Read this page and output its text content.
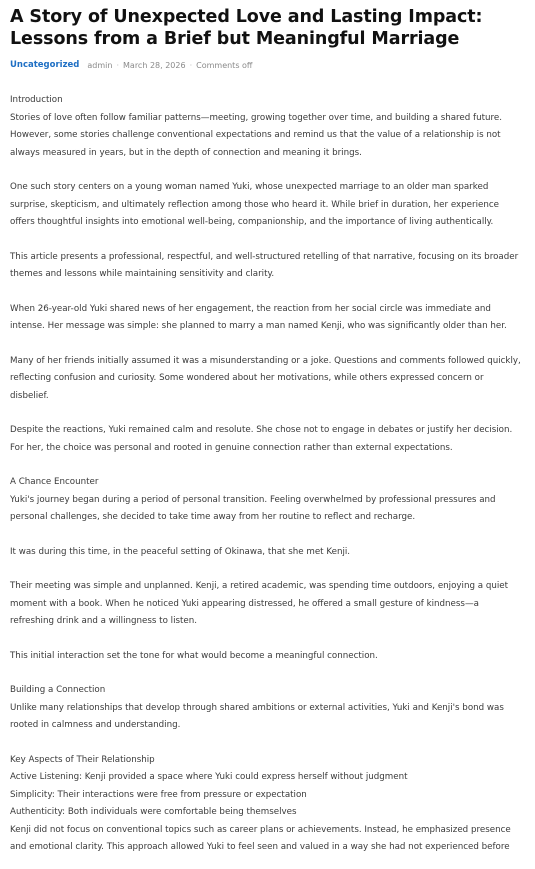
A Story of Unexpected Love and Lasting Impact: Lessons from a Brief but Meaningful Marriage
Uncategorized admin · March 28, 2026 · Comments off
Introduction

Stories of love often follow familiar patterns—meeting, growing together over time, and building a shared future. However, some stories challenge conventional expectations and remind us that the value of a relationship is not always measured in years, but in the depth of connection and meaning it brings.

One such story centers on a young woman named Yuki, whose unexpected marriage to an older man sparked surprise, skepticism, and ultimately reflection among those who heard it. While brief in duration, her experience offers thoughtful insights into emotional well-being, companionship, and the importance of living authentically.

This article presents a professional, respectful, and well-structured retelling of that narrative, focusing on its broader themes and lessons while maintaining sensitivity and clarity.

When 26-year-old Yuki shared news of her engagement, the reaction from her social circle was immediate and intense. Her message was simple: she planned to marry a man named Kenji, who was significantly older than her.

Many of her friends initially assumed it was a misunderstanding or a joke. Questions and comments followed quickly, reflecting confusion and curiosity. Some wondered about her motivations, while others expressed concern or disbelief.

Despite the reactions, Yuki remained calm and resolute. She chose not to engage in debates or justify her decision. For her, the choice was personal and rooted in genuine connection rather than external expectations.

A Chance Encounter

Yuki's journey began during a period of personal transition. Feeling overwhelmed by professional pressures and personal challenges, she decided to take time away from her routine to reflect and recharge.

It was during this time, in the peaceful setting of Okinawa, that she met Kenji.

Their meeting was simple and unplanned. Kenji, a retired academic, was spending time outdoors, enjoying a quiet moment with a book. When he noticed Yuki appearing distressed, he offered a small gesture of kindness—a refreshing drink and a willingness to listen.

This initial interaction set the tone for what would become a meaningful connection.

Building a Connection

Unlike many relationships that develop through shared ambitions or external activities, Yuki and Kenji's bond was rooted in calmness and understanding.

Key Aspects of Their Relationship
Active Listening: Kenji provided a space where Yuki could express herself without judgment
Simplicity: Their interactions were free from pressure or expectation
Authenticity: Both individuals were comfortable being themselves

Kenji did not focus on conventional topics such as career plans or achievements. Instead, he emphasized presence and emotional clarity. This approach allowed Yuki to feel seen and valued in a way she had not experienced before
